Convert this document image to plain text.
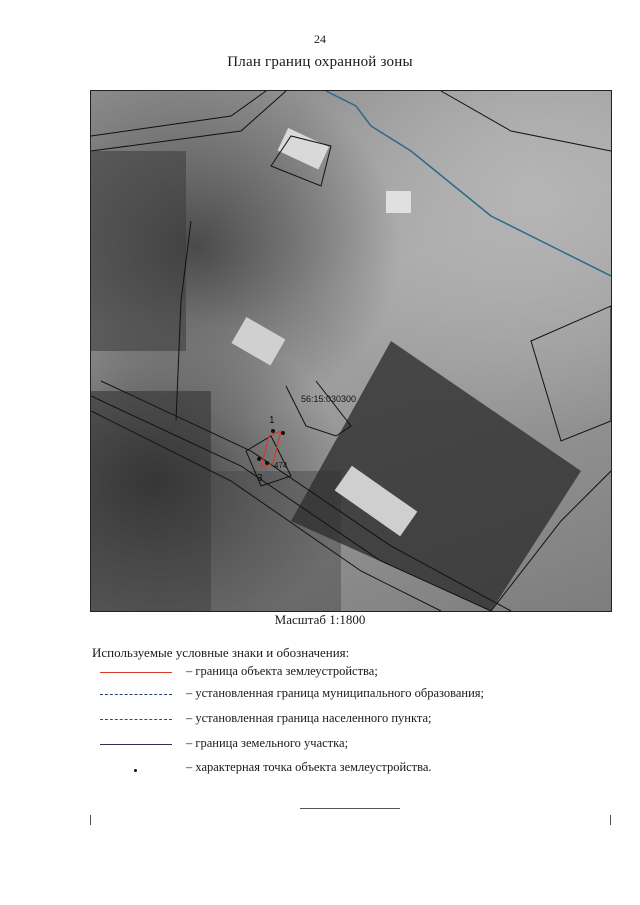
24
План границ охранной зоны
1
3
474
56:15:030300
Масштаб 1:1800
Используемые условные знаки и обозначения:
– граница объекта землеустройства;
– установленная граница муниципального образования;
– установленная граница населенного пункта;
– граница земельного участка;
– характерная точка объекта землеустройства.
